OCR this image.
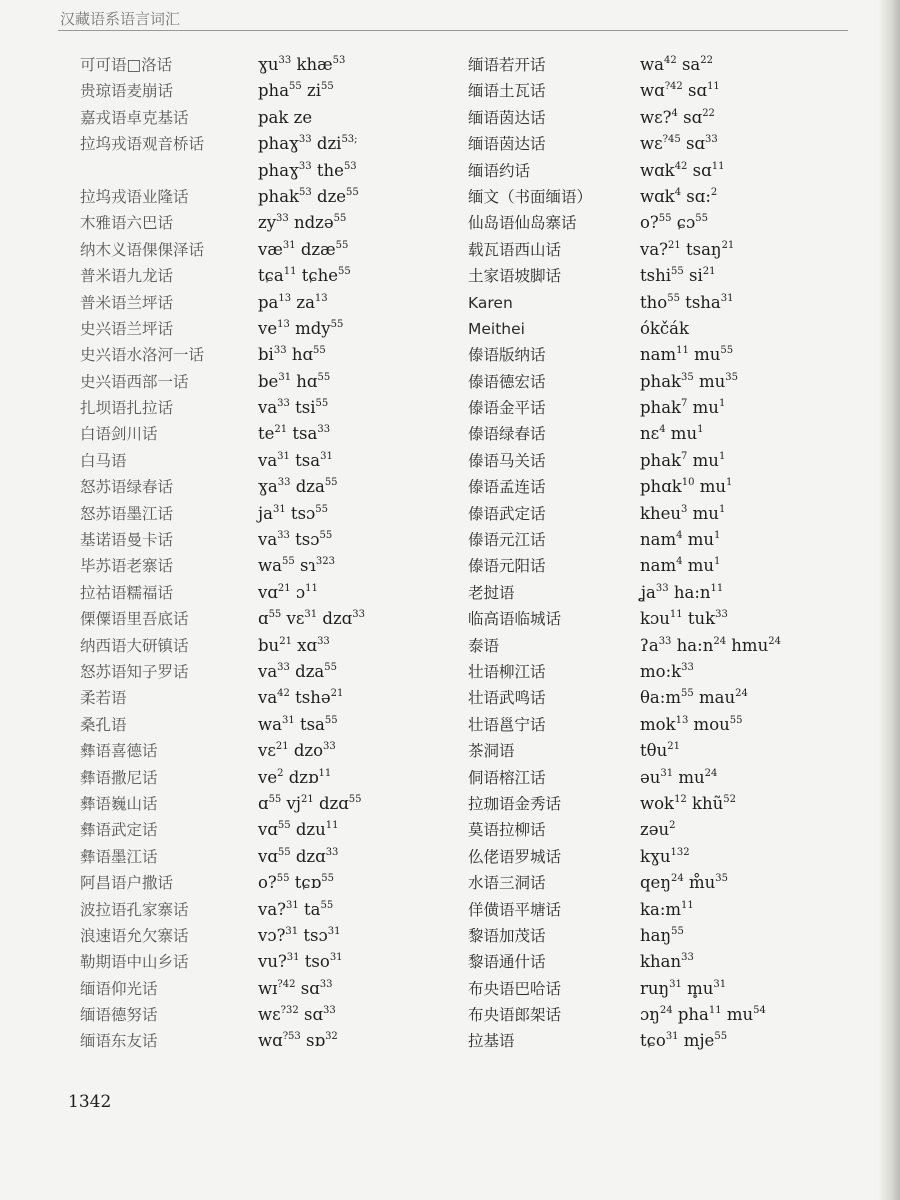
汉藏语系语言词汇
可可语□洛话
贵琼语麦崩话
嘉戎语卓克基话
拉坞戎语观音桥话
拉坞戎语业隆话
木雅语六巴话
纳木义语倮倮泽话
普米语九龙话
普米语兰坪话
史兴语兰坪话
史兴语水洛河一话
史兴语西部一话
扎坝语扎拉话
白语剑川话
白马语
怒苏语绿春话
怒苏语墨江话
基诺语曼卡话
毕苏语老寨话
拉祜语糯福话
傈僳语里吾底话
纳西语大研镇话
怒苏语知子罗话
柔若语
桑孔语
彝语喜德话
彝语撒尼话
彝语巍山话
彝语武定话
彝语墨江话
阿昌语户撒话
波拉语孔家寨话
浪速语允欠寨话
勒期语中山乡话
缅语仰光话
缅语德努话
缅语东友话
ɣu$^{33}$ khæ$^{53}$
pha$^{55}$ $zi^{55}$
pak ze
phaɣ$^{33}$ dzi$^{53;}$
phaɣ$^{33}$ the$^{53}$
phak$^{53}$ dze$^{55}$
$zy^{33}$ ndzə$^{55}$
$væ^{31}$ dzæ$^{55}$
tɕa$^{11}$ tɕhe$^{55}$
$pa^{13}$ $za^{13}$
$ve^{13}$ mdy$^{55}$
$bi^{33}$ hɑ$^{55}$
$be^{31}$ hɑ$^{55}$
$va^{33}$ tsi$^{55}$
$te^{21}$ tsa$^{33}$
$va^{31}$ tsa$^{31}$
ɣa$^{33}$ dza$^{55}$
$ja^{31}$ tsɔ$^{55}$
$va^{33}$ tsɔ$^{55}$
$wa^{55}$ sɿ$^{323}$
vɑ$^{21}$ ɔ$^{11}$
ɑ$^{55}$ vɛ$^{31}$ dzɑ$^{33}$
$bu^{21}$ xɑ$^{33}$
$va^{33}$ dza$^{55}$
$va^{42}$ tshə$^{21}$
$wa^{31}$ tsa$^{55}$
vɛ$^{21}$ dzo$^{33}$
$ve^2$ dzɒ$^{11}$
ɑ$^{55}$ $vj^{21}$ dzɑ$^{55}$
vɑ$^{55}$ dzu$^{11}$
vɑ$^{55}$ dzɑ$^{33}$
o?$^{55}$ tɕɒ$^{55}$
va?$^{31}$ $ta^{55}$
vɔ?$^{31}$ tsɔ$^{31}$
vu?$^{31}$ tso$^{31}$
wɪ$^{?42}$ sɑ$^{33}$
wɛ$^{?32}$ sɑ$^{33}$
wɑ$^{?53}$ sɒ$^{32}$
缅语若开话
缅语土瓦话
缅语茵达话
缅语茵达话
缅语约话
缅文（书面缅语）
仙岛语仙岛寨话
载瓦语西山话
土家语坡脚话
Karen
Meithei
傣语版纳话
傣语德宏话
傣语金平话
傣语绿春话
傣语马关话
傣语孟连话
傣语武定话
傣语元江话
傣语元阳话
老挝语
临高语临城话
泰语
壮语柳江话
壮语武鸣话
壮语邕宁话
茶洞语
侗语榕江话
拉珈语金秀话
莫语拉柳话
仫佬语罗城话
水语三洞话
佯僙语平塘话
黎语加茂话
黎语通什话
布央语巴哈话
布央语郎架话
拉基语
$wa^{42}$ $sa^{22}$
wɑ$^{?42}$ sɑ$^{11}$
wɛ?$^4$ sɑ$^{22}$
wɛ$^{?45}$ sɑ$^{33}$
wɑk$^{42}$ sɑ$^{11}$
wɑk$^4$ sɑ:$^2$
o?$^{55}$ ɕɔ$^{55}$
va?$^{21}$ tsaŋ$^{21}$
tshi$^{55}$ $si^{21}$
tho$^{55}$ tsha$^{31}$
ókčák
nam$^{11}$ $mu^{55}$
phak$^{35}$ $mu^{35}$
phak$^7$ $mu^1$
nɛ$^4$ $mu^1$
phak$^7$ $mu^1$
phɑk$^{10}$ $mu^1$
kheu$^3$ $mu^1$
nam$^4$ $mu^1$
nam$^4$ $mu^1$
ʝa$^{33}$ $ha:n^{11}$
kɔu$^{11}$ tuk$^{33}$
ʔa$^{33}$ $ha:n^{24}$ hmu$^{24}$
$mo:k^{33}$
$\theta a:m^{55}$ mau$^{24}$
mok$^{13}$ mou$^{55}$
tθu$^{21}$
əu$^{31}$ $mu^{24}$
wok$^{12}$ khũ$^{52}$
zəu$^2$
kɣu$^{132}$
qeŋ$^{24}$ $m̊u^{35}$
$ka:m^{11}$
haŋ$^{55}$
khan$^{33}$
ruŋ$^{31}$ $m̥u^{31}$
ɔŋ$^{24}$ pha$^{11}$ $mu^{54}$
tɕo$^{31}$ mje$^{55}$
1342
